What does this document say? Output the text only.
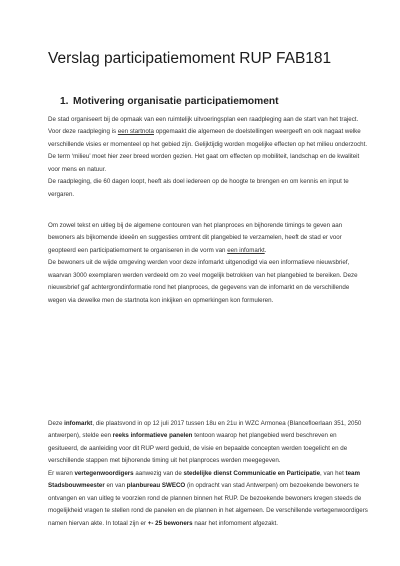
Verslag participatiemoment RUP FAB181
1. Motivering organisatie participatiemoment

De stad organiseert bij de opmaak van een ruimtelijk uitvoeringsplan een raadpleging aan de start van het traject. Voor deze raadpleging is een startnota opgemaakt die algemeen de doelstellingen weergeeft en ook nagaat welke verschillende visies er momenteel op het gebied zijn. Gelijktijdig worden mogelijke effecten op het milieu onderzocht. De term ‘milieu’ moet hier zeer breed worden gezien. Het gaat om effecten op mobiliteit, landschap en de kwaliteit voor mens en natuur.

De raadpleging, die 60 dagen loopt, heeft als doel iedereen op de hoogte te brengen en om kennis en input te vergaren.

Om zowel tekst en uitleg bij de algemene contouren van het planproces en bijhorende timings te geven aan bewoners als bijkomende ideeën en suggesties omtrent dit plangebied te verzamelen, heeft de stad er voor geopteerd een participatiemoment te organiseren in de vorm van een infomarkt.

De bewoners uit de wijde omgeving werden voor deze infomarkt uitgenodigd via een informatieve nieuwsbrief, waarvan 3000 exemplaren werden verdeeld om zo veel mogelijk betrokken van het plangebied te bereiken. Deze nieuwsbrief gaf achtergrondinformatie rond het planproces, de gegevens van de infomarkt en de verschillende wegen via dewelke men de startnota kon inkijken en opmerkingen kon formuleren.

Deze infomarkt, die plaatsvond in op 12 juli 2017 tussen 18u en 21u in WZC Armonea (Blancefloerlaan 351, 2050 antwerpen), stelde een reeks informatieve panelen tentoon waarop het plangebied werd beschreven en gesitueerd, de aanleiding voor dit RUP werd geduid, de visie en bepaalde concepten werden toegelicht en de verschillende stappen met bijhorende timing uit het planproces werden meegegeven.

Er waren vertegenwoordigers aanwezig van de stedelijke dienst Communicatie en Participatie, van het team Stadsbouwmeester en van planbureau SWECO (in opdracht van stad Antwerpen) om bezoekende bewoners te ontvangen en van uitleg te voorzien rond de plannen binnen het RUP. De bezoekende bewoners kregen steeds de mogelijkheid vragen te stellen rond de panelen en de plannen in het algemeen. De verschillende vertegenwoordigers namen hiervan akte. In totaal zijn er +- 25 bewoners naar het infomoment afgezakt.
